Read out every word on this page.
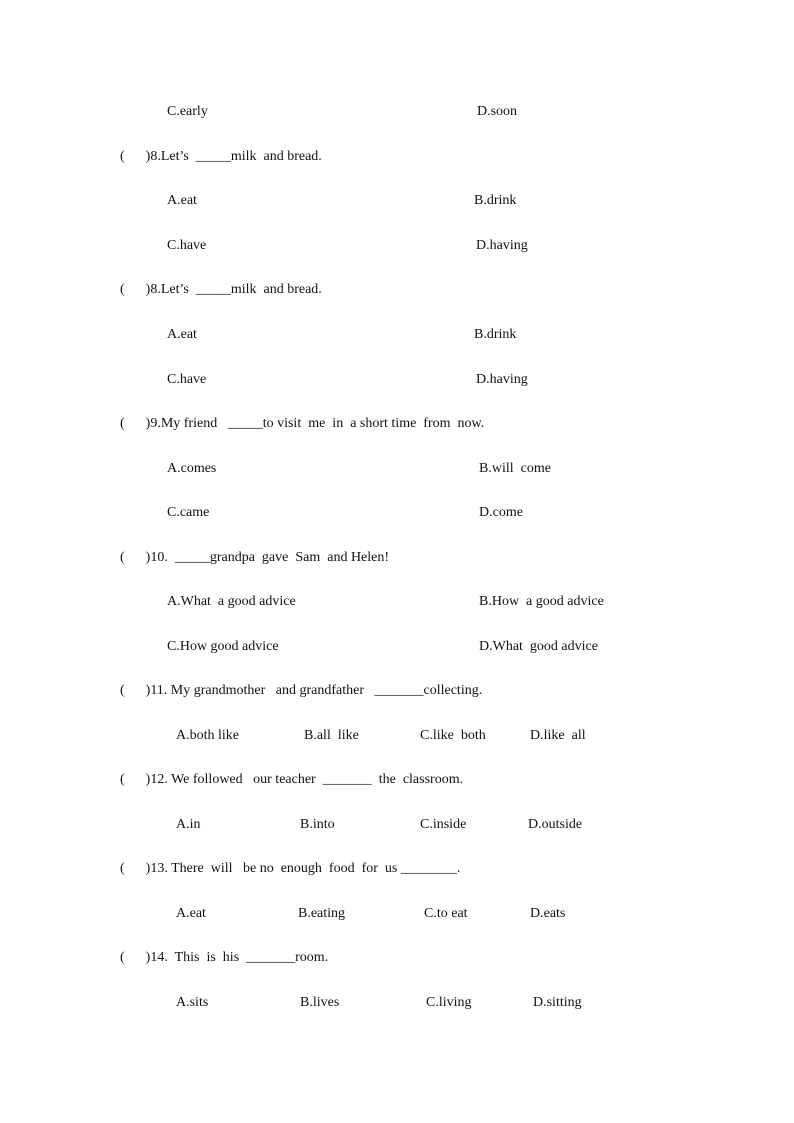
C.early	D.soon
(      )8.Let’s  _____milk  and bread.
A.eat	B.drink
C.have	D.having
(      )8.Let’s  _____milk  and bread.
A.eat	B.drink
C.have	D.having
(      )9.My friend   _____to visit  me  in  a short time  from  now.
A.comes	B.will  come
C.came	D.come
(      )10.  _____grandpa  gave  Sam  and Helen!
A.What  a good advice	B.How  a good advice
C.How good advice	D.What  good advice
(      )11. My grandmother   and grandfather   _______collecting.
A.both like	B.all  like	C.like  both	D.like  all
(      )12. We followed   our teacher  _______  the  classroom.
A.in	B.into	C.inside	D.outside
(      )13. There  will   be no  enough  food  for  us ________.
A.eat	B.eating	C.to eat	D.eats
(      )14.  This  is  his  _______room.
A.sits	B.lives	C.living	D.sitting
